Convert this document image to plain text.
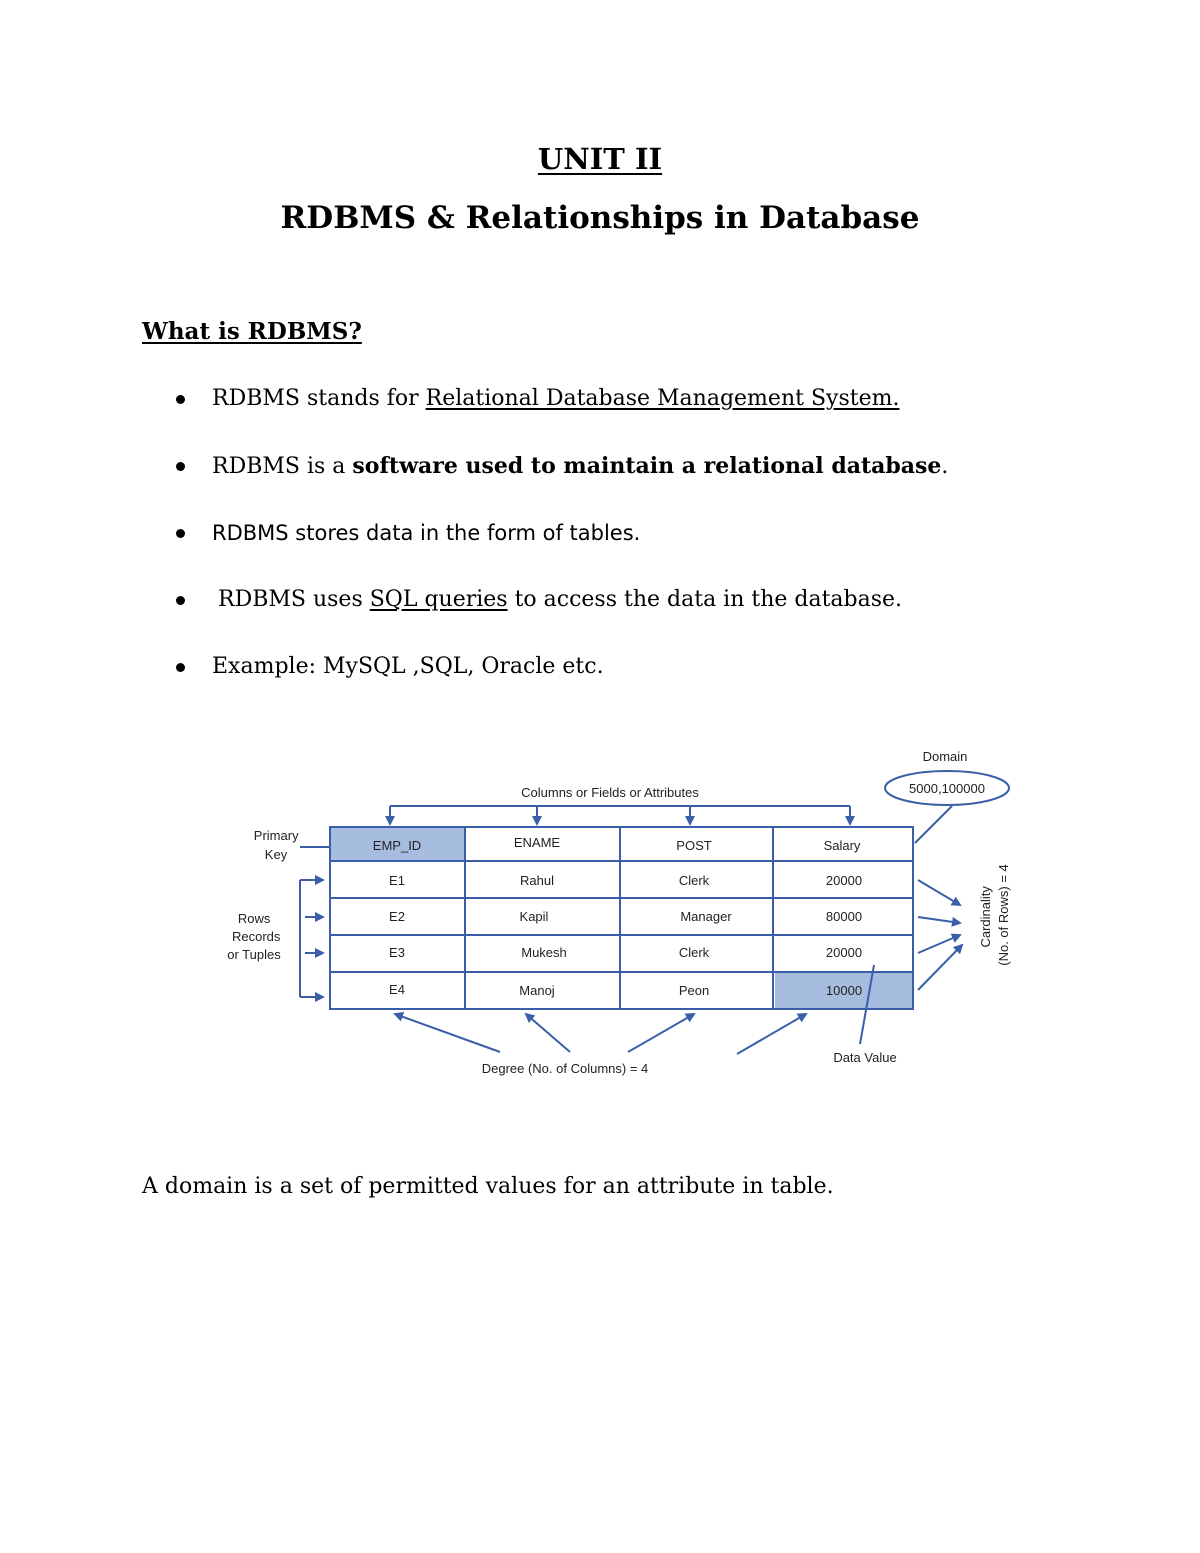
UNIT II
RDBMS & Relationships in Database
What is RDBMS?
RDBMS stands for Relational Database Management System.
RDBMS is a software used to maintain a relational database.
RDBMS stores data in the form of tables.
RDBMS uses SQL queries to access the data in the database.
Example: MySQL ,SQL, Oracle etc.
Columns or Fields or Attributes
Domain
5000,100000
Primary Key
Rows Records or Tuples
EMP_ID	ENAME	POST	Salary
E1	Rahul	Clerk	20000
E2	Kapil	Manager	80000
E3	Mukesh	Clerk	20000
E4	Manoj	Peon	10000
Cardinality (No. of Rows) = 4
Degree (No. of Columns) = 4
Data Value
A domain is a set of permitted values for an attribute in table.
